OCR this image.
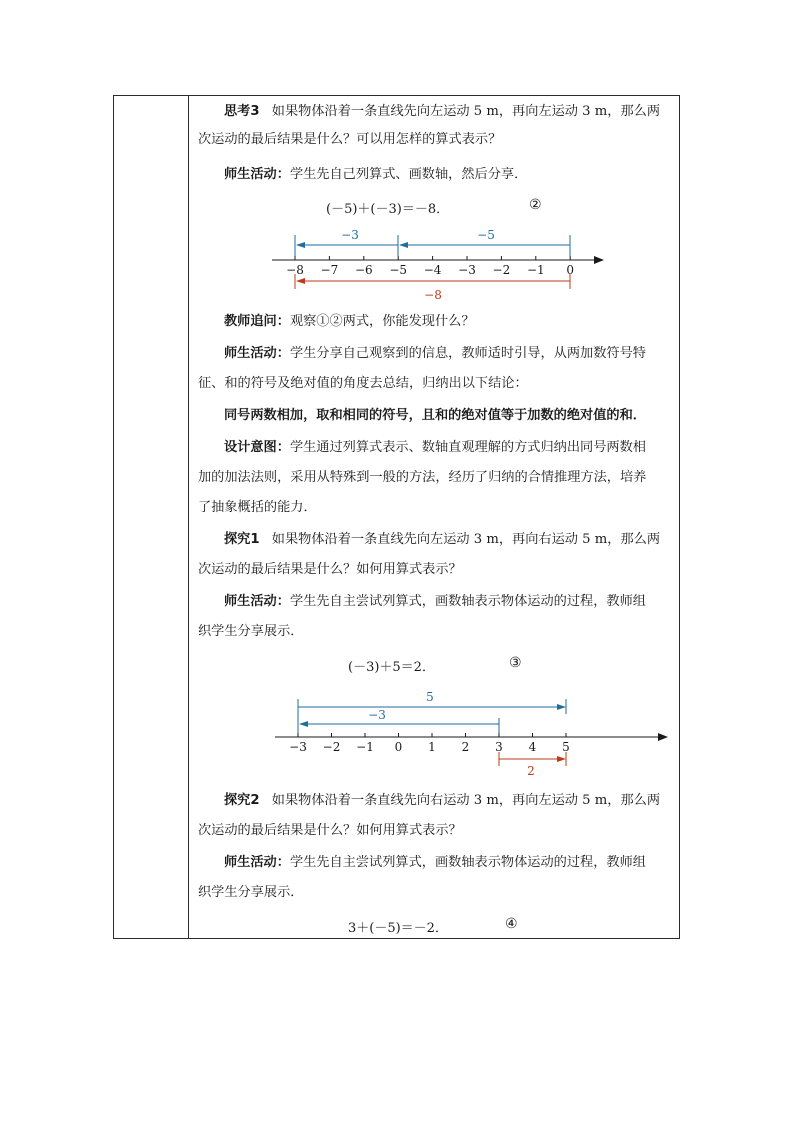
思考3 如果物体沿着一条直线先向左运动 5 m，再向左运动 3 m，那么两
次运动的最后结果是什么？可以用怎样的算式表示？
师生活动：学生先自己列算式、画数轴，然后分享．
(－5)＋(－3)＝－8．	②
−8 −7 −6 −5 −4 −3 −2 −1 0
−3	−5
−8
教师追问：观察①②两式，你能发现什么？
师生活动：学生分享自己观察到的信息，教师适时引导，从两加数符号特
征、和的符号及绝对值的角度去总结，归纳出以下结论：
同号两数相加，取和相同的符号，且和的绝对值等于加数的绝对值的和．
设计意图：学生通过列算式表示、数轴直观理解的方式归纳出同号两数相
加的加法法则，采用从特殊到一般的方法，经历了归纳的合情推理方法，培养
了抽象概括的能力．
探究1 如果物体沿着一条直线先向左运动 3 m，再向右运动 5 m，那么两
次运动的最后结果是什么？如何用算式表示？
师生活动：学生先自主尝试列算式，画数轴表示物体运动的过程，教师组
织学生分享展示．
(－3)＋5＝2．	③
−3 −2 −1 0 1 2 3 4 5
5
−3
2
探究2 如果物体沿着一条直线先向右运动 3 m，再向左运动 5 m，那么两
次运动的最后结果是什么？如何用算式表示？
师生活动：学生先自主尝试列算式，画数轴表示物体运动的过程，教师组
织学生分享展示．
3＋(－5)＝－2．	④
